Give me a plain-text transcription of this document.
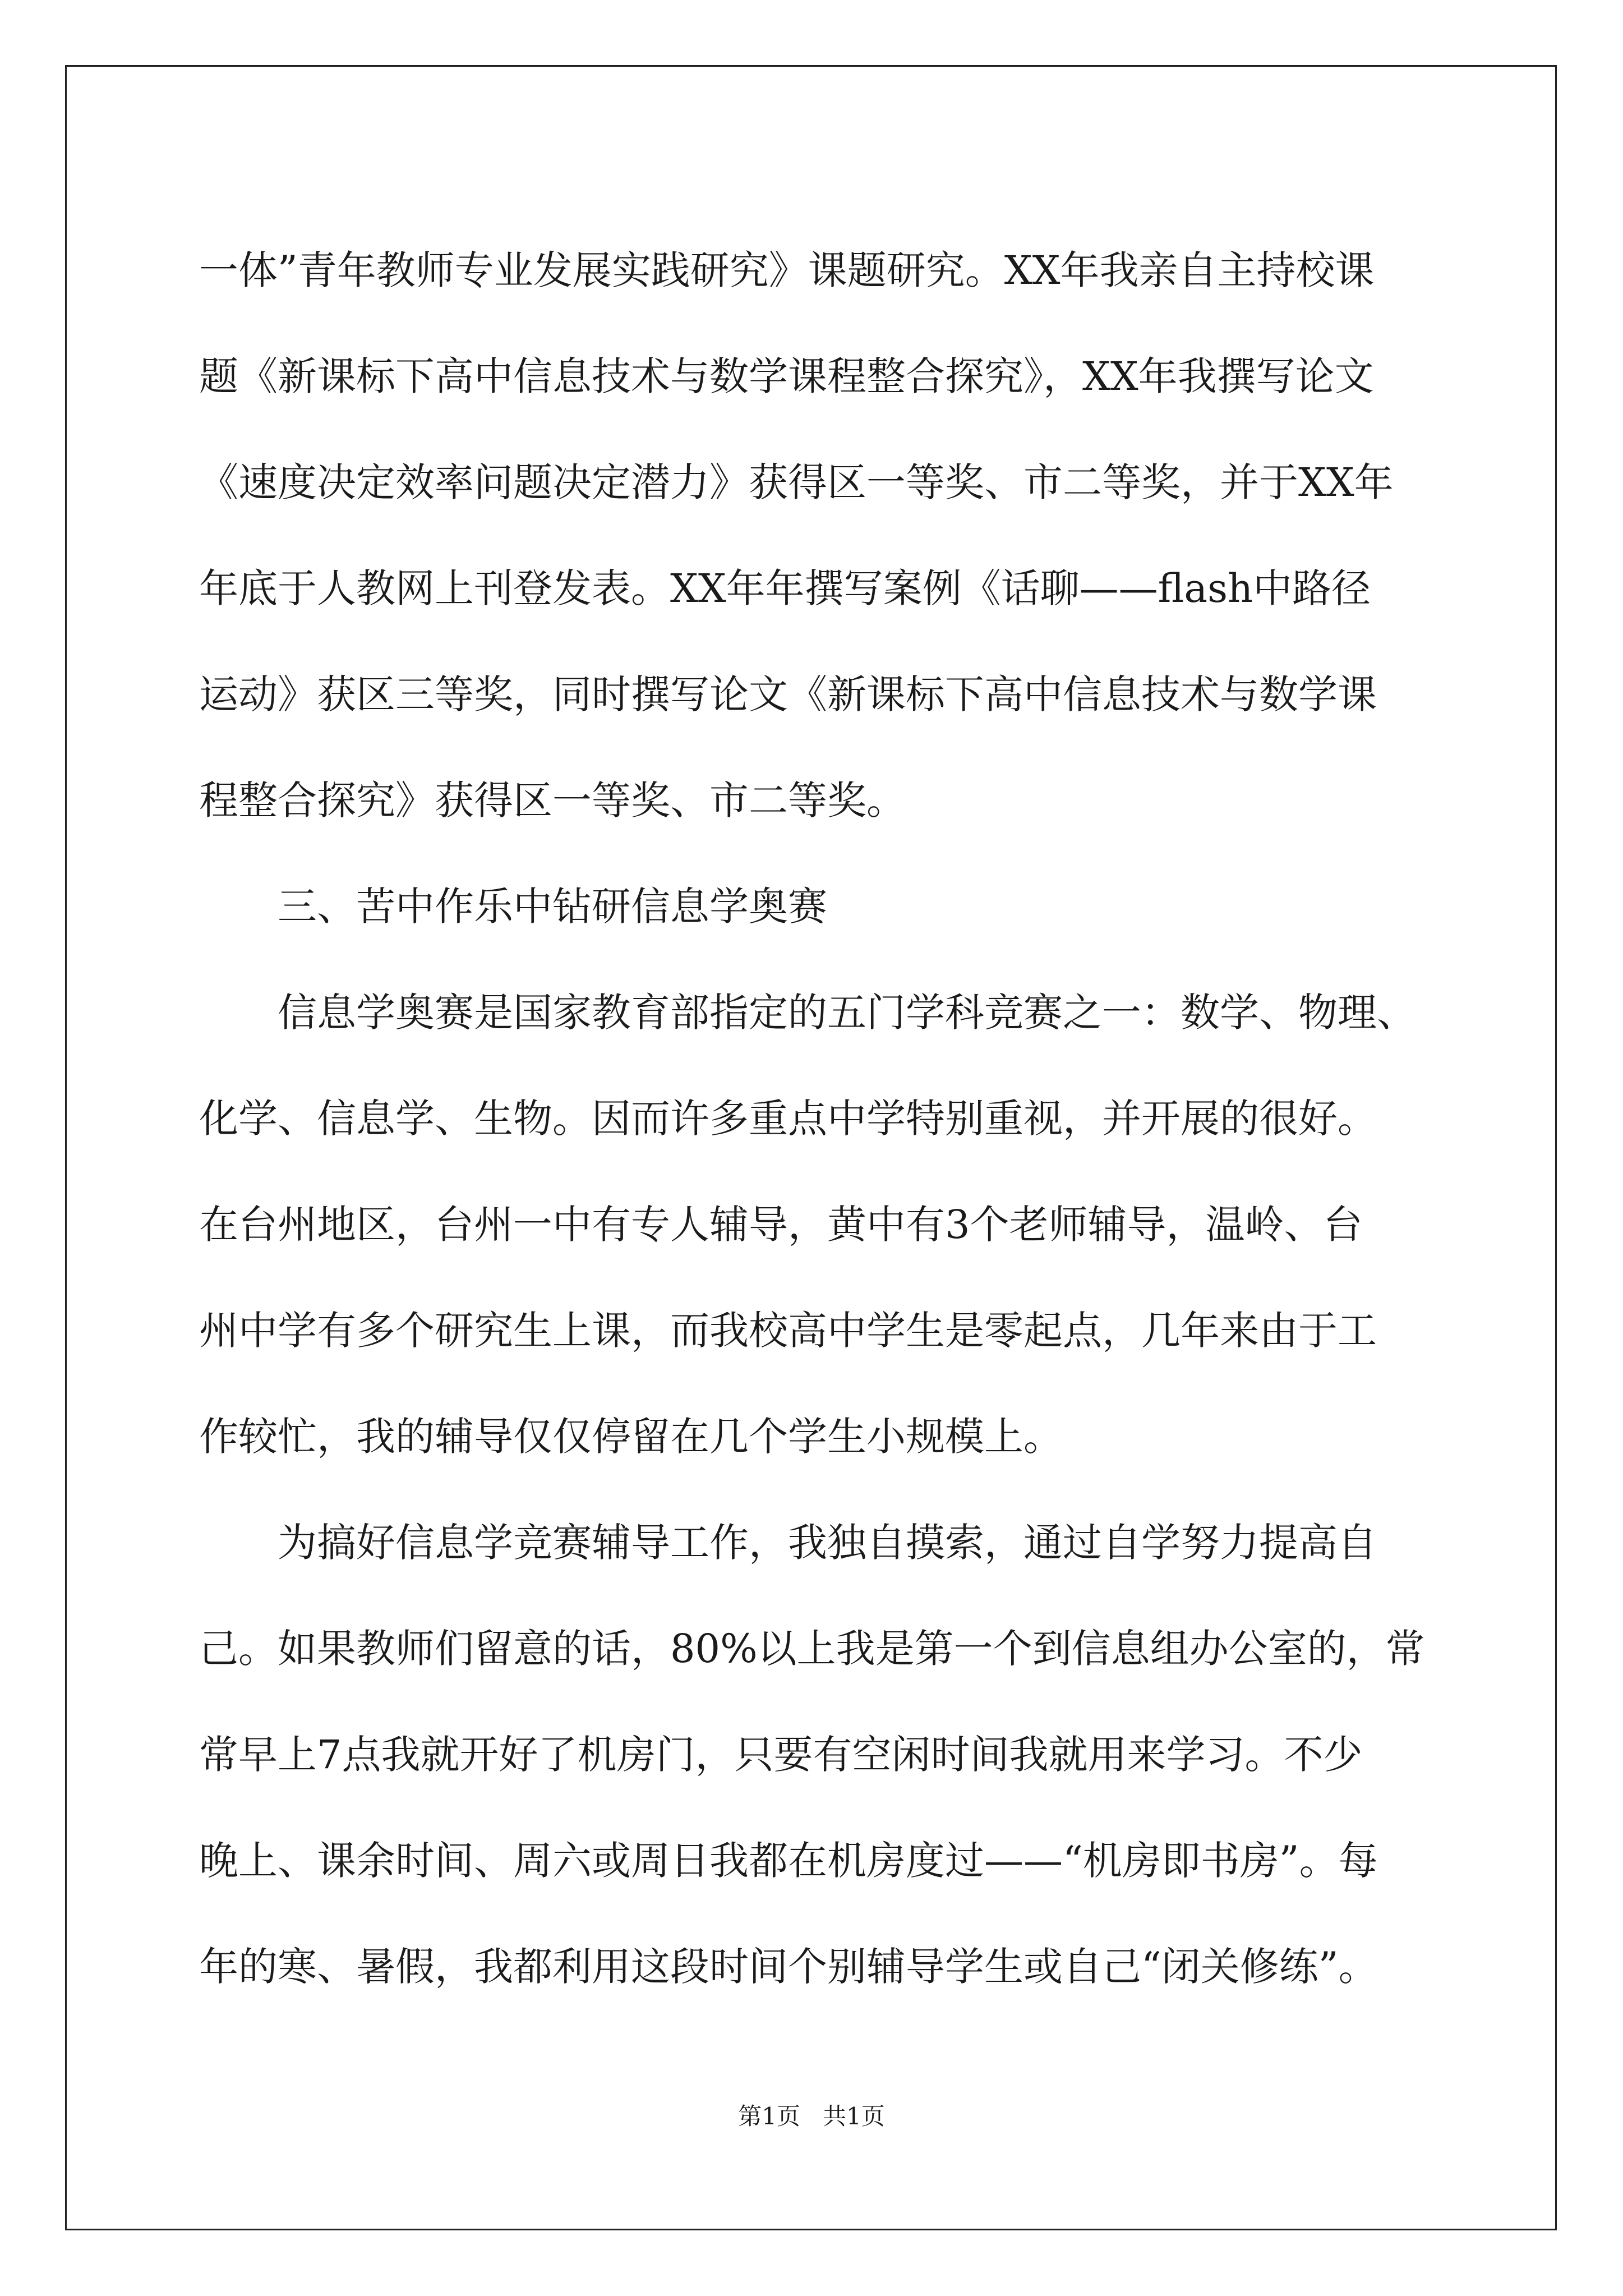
一体”青年教师专业发展实践研究》课题研究。XX年我亲自主持校课
题《新课标下高中信息技术与数学课程整合探究》，XX年我撰写论文
《速度决定效率问题决定潜力》获得区一等奖、市二等奖，并于XX年
年底于人教网上刊登发表。XX年年撰写案例《话聊——flash中路径
运动》获区三等奖，同时撰写论文《新课标下高中信息技术与数学课
程整合探究》获得区一等奖、市二等奖。
三、苦中作乐中钻研信息学奥赛
信息学奥赛是国家教育部指定的五门学科竞赛之一：数学、物理、
化学、信息学、生物。因而许多重点中学特别重视，并开展的很好。
在台州地区，台州一中有专人辅导，黄中有3个老师辅导，温岭、台
州中学有多个研究生上课，而我校高中学生是零起点，几年来由于工
作较忙，我的辅导仅仅停留在几个学生小规模上。
为搞好信息学竞赛辅导工作，我独自摸索，通过自学努力提高自
己。如果教师们留意的话，80%以上我是第一个到信息组办公室的，常
常早上7点我就开好了机房门，只要有空闲时间我就用来学习。不少
晚上、课余时间、周六或周日我都在机房度过——“机房即书房”。每
年的寒、暑假，我都利用这段时间个别辅导学生或自己“闭关修练”。
第1页 共1页
